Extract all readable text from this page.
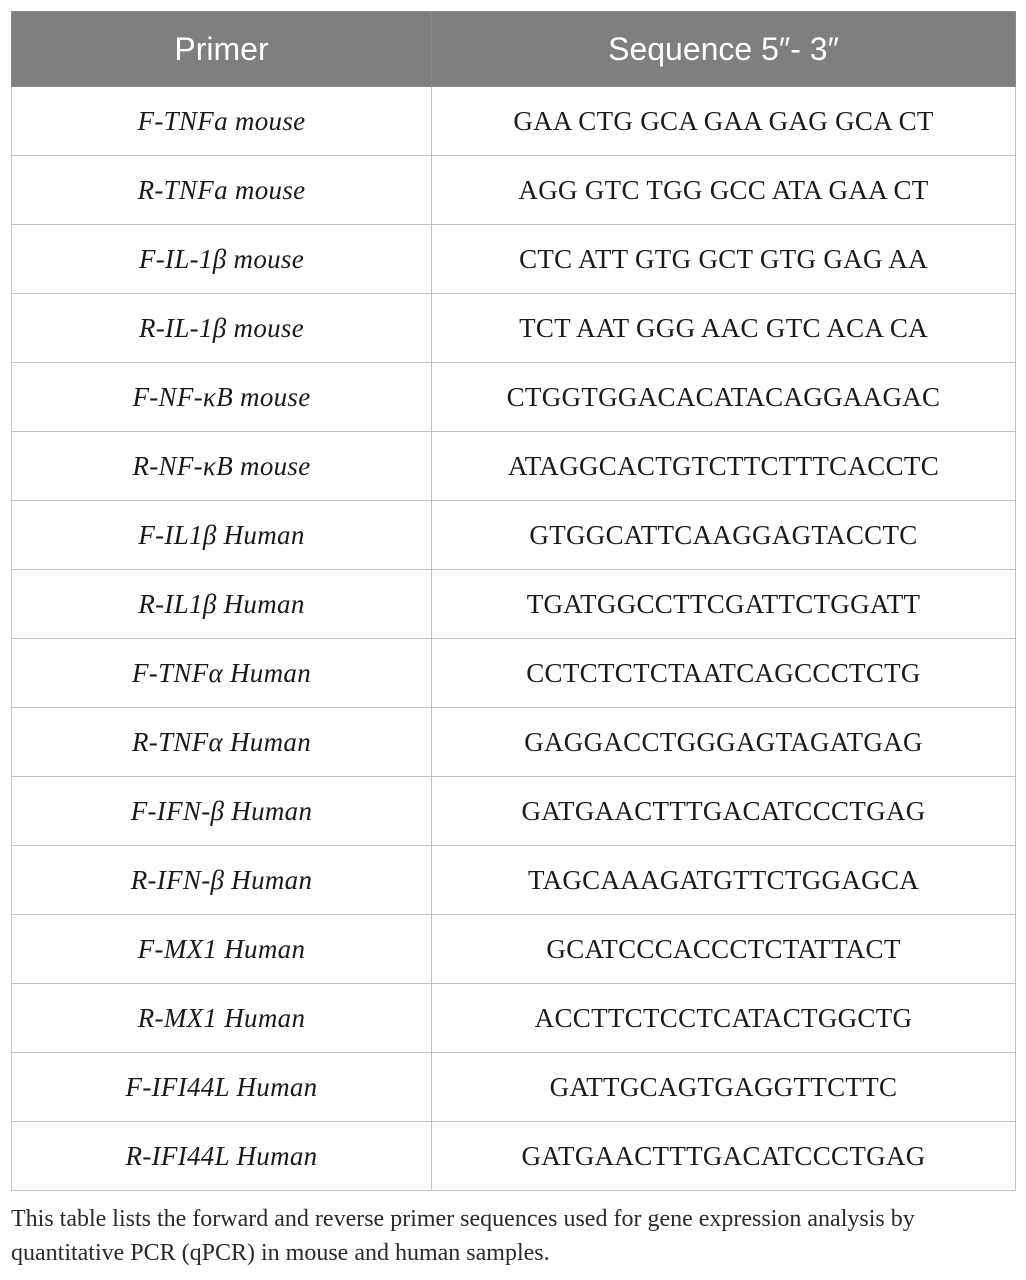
Primer	Sequence 5″- 3″
F-TNFa mouse	GAA CTG GCA GAA GAG GCA CT
R-TNFa mouse	AGG GTC TGG GCC ATA GAA CT
F-IL-1β mouse	CTC ATT GTG GCT GTG GAG AA
R-IL-1β mouse	TCT AAT GGG AAC GTC ACA CA
F-NF-κB mouse	CTGGTGGACACATACAGGAAGAC
R-NF-κB mouse	ATAGGCACTGTCTTCTTTCACCTC
F-IL1β Human	GTGGCATTCAAGGAGTACCTC
R-IL1β Human	TGATGGCCTTCGATTCTGGATT
F-TNFα Human	CCTCTCTCTAATCAGCCCTCTG
R-TNFα Human	GAGGACCTGGGAGTAGATGAG
F-IFN-β Human	GATGAACTTTGACATCCCTGAG
R-IFN-β Human	TAGCAAAGATGTTCTGGAGCA
F-MX1 Human	GCATCCCACCCTCTATTACT
R-MX1 Human	ACCTTCTCCTCATACTGGCTG
F-IFI44L Human	GATTGCAGTGAGGTTCTTC
R-IFI44L Human	GATGAACTTTGACATCCCTGAG

This table lists the forward and reverse primer sequences used for gene expression analysis by quantitative PCR (qPCR) in mouse and human samples.
